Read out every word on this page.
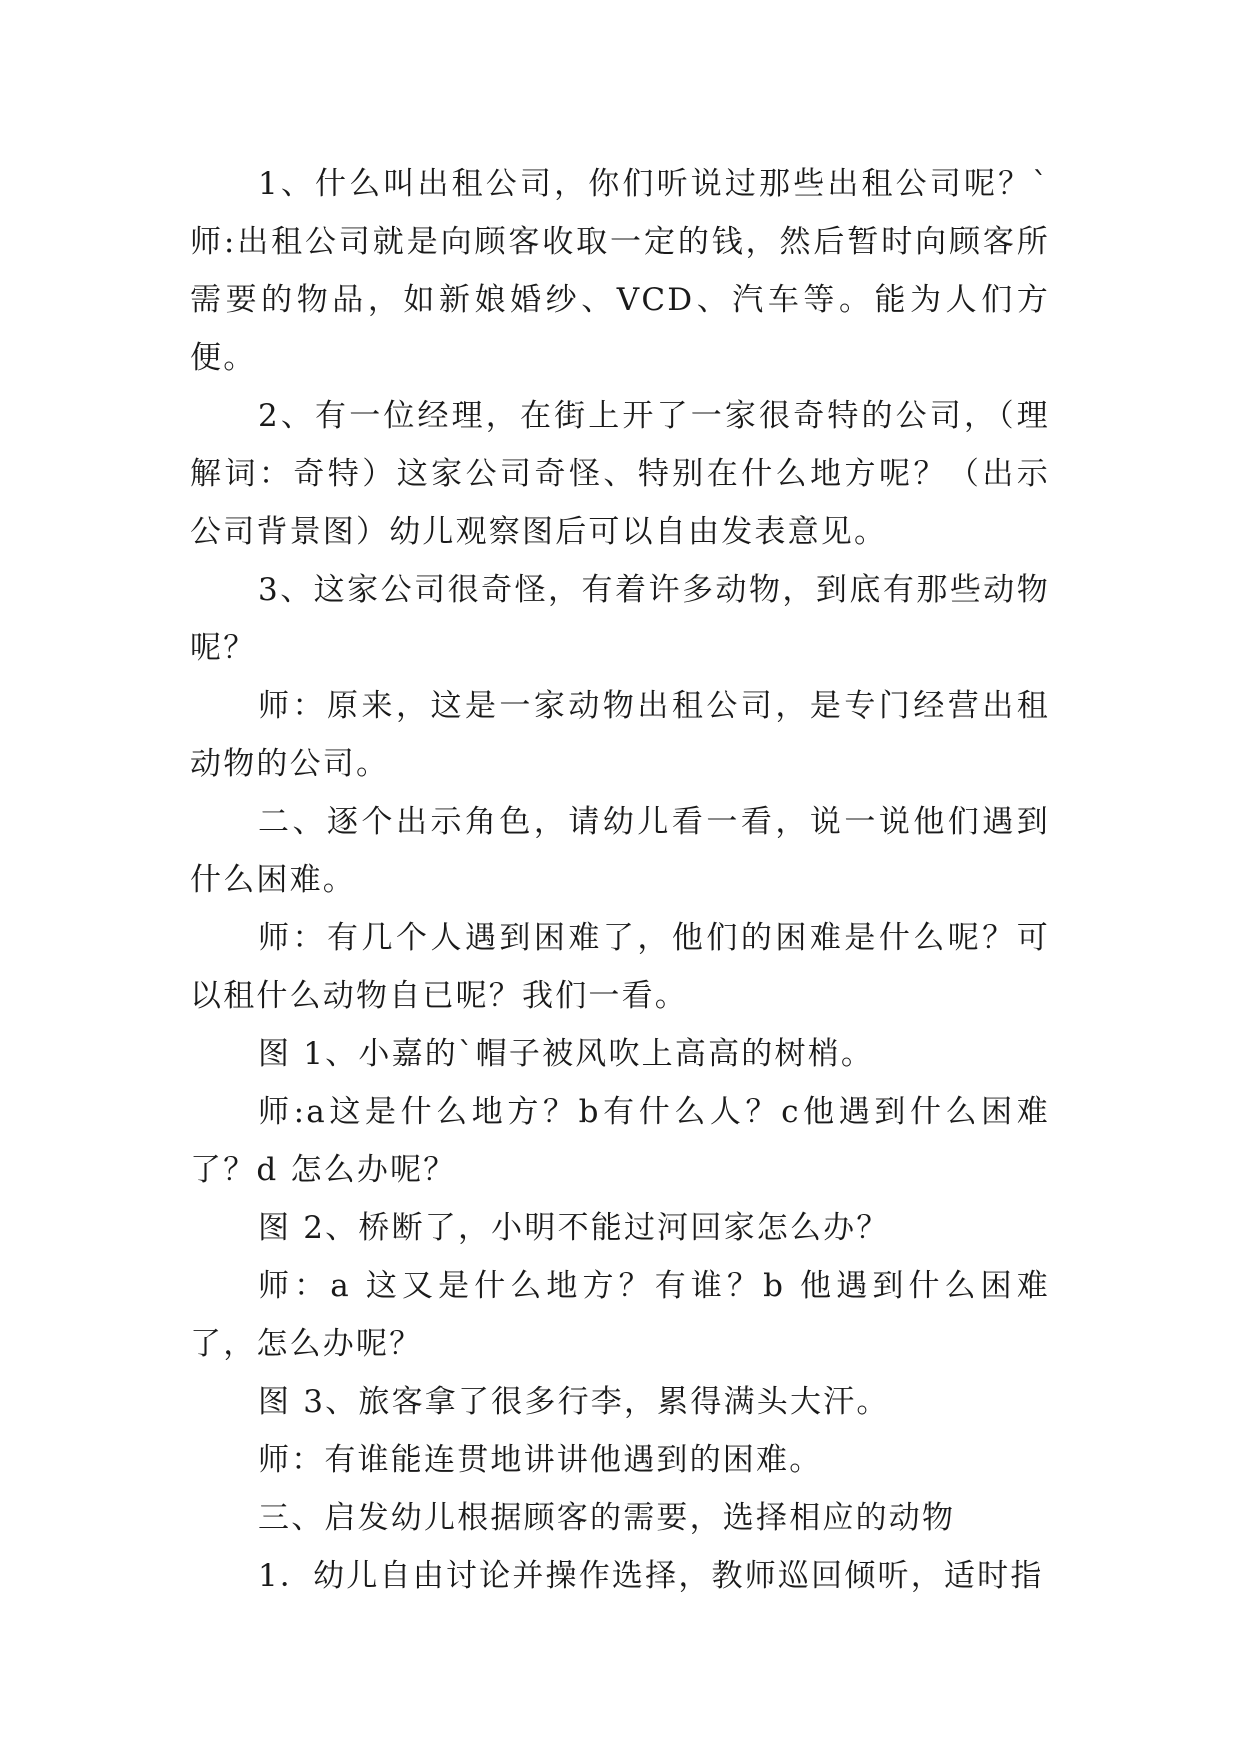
1、什么叫出租公司，你们听说过那些出租公司呢？`师:出租公司就是向顾客收取一定的钱，然后暂时向顾客所需要的物品，如新娘婚纱、VCD、汽车等。能为人们方便。

2、有一位经理，在街上开了一家很奇特的公司，（理解词：奇特）这家公司奇怪、特别在什么地方呢？（出示公司背景图）幼儿观察图后可以自由发表意见。

3、这家公司很奇怪，有着许多动物，到底有那些动物呢？

师：原来，这是一家动物出租公司，是专门经营出租动物的公司。

二、逐个出示角色，请幼儿看一看，说一说他们遇到什么困难。

师：有几个人遇到困难了，他们的困难是什么呢？可以租什么动物自已呢？我们一看。

图 1、小嘉的`帽子被风吹上高高的树梢。

师:a这是什么地方？b有什么人？c他遇到什么困难了？d 怎么办呢？

图 2、桥断了，小明不能过河回家怎么办？

师：a 这又是什么地方？有谁？b 他遇到什么困难了，怎么办呢？

图 3、旅客拿了很多行李，累得满头大汗。

师：有谁能连贯地讲讲他遇到的困难。

三、启发幼儿根据顾客的需要，选择相应的动物

1．幼儿自由讨论并操作选择，教师巡回倾听，适时指
